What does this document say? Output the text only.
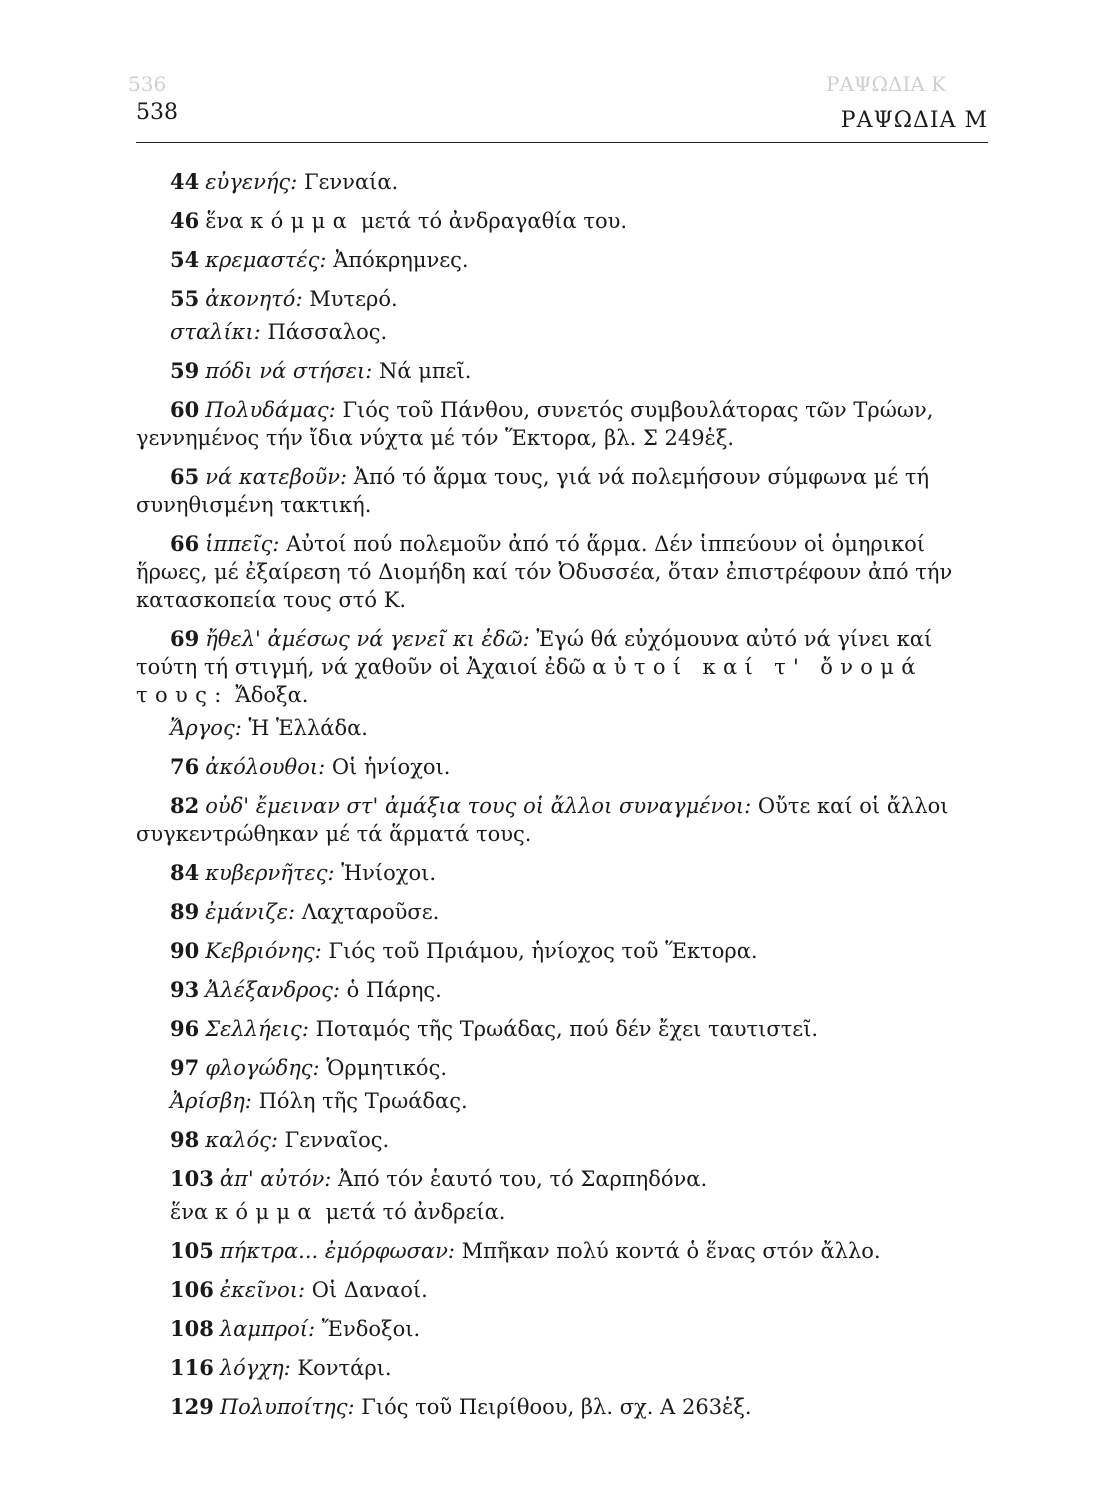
536	ΡΑΨΩΔΙΑ Κ
538	ΡΑΨΩΔΙΑ Μ

44 εὐγενής: Γενναία.

46 ἕνα κόμμα μετά τό ἀνδραγαθία του.

54 κρεμαστές: Ἀπόκρημνες.

55 ἀκονητό: Μυτερό.

σταλίκι: Πάσσαλος.

59 πόδι νά στήσει: Νά μπεῖ.

60 Πολυδάμας: Γιός τοῦ Πάνθου, συνετός συμβουλάτορας τῶν Τρώων, γεννημένος τήν ἴδια νύχτα μέ τόν Ἕκτορα, βλ. Σ 249ἑξ.

65 νά κατεβοῦν: Ἀπό τό ἅρμα τους, γιά νά πολεμήσουν σύμφωνα μέ τή συνηθισμένη τακτική.

66 ἱππεῖς: Αὐτοί πού πολεμοῦν ἀπό τό ἅρμα. Δέν ἱππεύουν οἱ ὁμηρικοί ἥρωες, μέ ἐξαίρεση τό Διομήδη καί τόν Ὀδυσσέα, ὅταν ἐπιστρέφουν ἀπό τήν κατασκοπεία τους στό Κ.

69 ἤθελ' ἀμέσως νά γενεῖ κι ἐδῶ: Ἐγώ θά εὐχόμουνα αὐτό νά γίνει καί τούτη τή στιγμή, νά χαθοῦν οἱ Ἀχαιοί ἐδῶ αὐτοί καί τ' ὄνομά τους: Ἄδοξα.

Ἄργος: Ἡ Ἑλλάδα.

76 ἀκόλουθοι: Οἱ ἡνίοχοι.

82 οὐδ' ἔμειναν στ' ἀμάξια τους οἱ ἄλλοι συναγμένοι: Οὔτε καί οἱ ἄλλοι συγκεντρώθηκαν μέ τά ἅρματά τους.

84 κυβερνῆτες: Ἡνίοχοι.

89 ἐμάνιζε: Λαχταροῦσε.

90 Κεβριόνης: Γιός τοῦ Πριάμου, ἡνίοχος τοῦ Ἕκτορα.

93 Ἀλέξανδρος: ὁ Πάρης.

96 Σελλήεις: Ποταμός τῆς Τρωάδας, πού δέν ἔχει ταυτιστεῖ.

97 φλογώδης: Ὁρμητικός.

Ἀρίσβη: Πόλη τῆς Τρωάδας.

98 καλός: Γενναῖος.

103 ἀπ' αὐτόν: Ἀπό τόν ἑαυτό του, τό Σαρπηδόνα.

ἕνα κόμμα μετά τό ἀνδρεία.

105 πήκτρα... ἐμόρφωσαν: Μπῆκαν πολύ κοντά ὁ ἕνας στόν ἄλλο.

106 ἐκεῖνοι: Οἱ Δαναοί.

108 λαμπροί: Ἔνδοξοι.

116 λόγχη: Κοντάρι.

129 Πολυποίτης: Γιός τοῦ Πειρίθοου, βλ. σχ. Α 263ἑξ.
